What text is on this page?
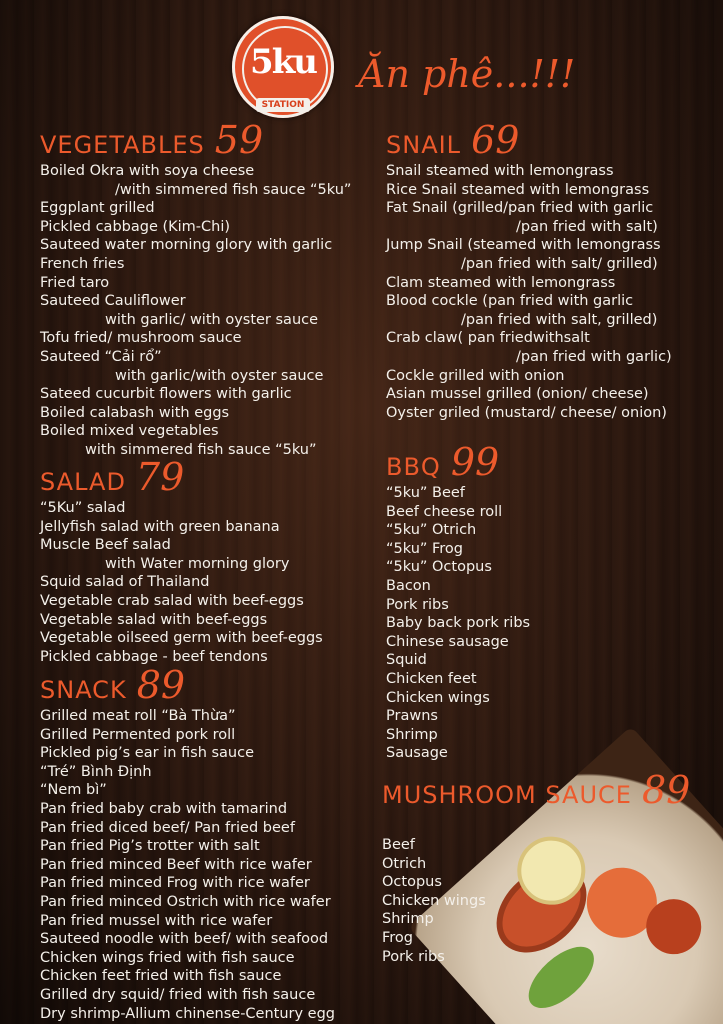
5ku
STATION
Ăn phê...!!!
VEGETABLES 59
Boiled Okra with soya cheese
/with simmered fish sauce “5ku”
Eggplant grilled
Pickled cabbage (Kim-Chi)
Sauteed water morning glory with garlic
French fries
Fried taro
Sauteed Cauliflower
with garlic/ with oyster sauce
Tofu fried/ mushroom sauce
Sauteed “Cải rổ”
with garlic/with oyster sauce
Sateed cucurbit flowers with garlic
Boiled calabash with eggs
Boiled mixed vegetables
with simmered fish sauce “5ku”
SALAD 79
“5Ku” salad
Jellyfish salad with green banana
Muscle Beef salad
with Water morning glory
Squid salad of Thailand
Vegetable crab salad with beef-eggs
Vegetable salad with beef-eggs
Vegetable oilseed germ with beef-eggs
Pickled cabbage - beef tendons
SNACK 89
Grilled meat roll “Bà Thừa”
Grilled Permented pork roll
Pickled pig’s ear in fish sauce
“Tré” Bình Định
“Nem bì”
Pan fried baby crab with tamarind
Pan fried diced beef/ Pan fried beef
Pan fried Pig’s trotter with salt
Pan fried minced Beef with rice wafer
Pan fried minced Frog with rice wafer
Pan fried minced Ostrich with rice wafer
Pan fried mussel with rice wafer
Sauteed noodle with beef/ with seafood
Chicken wings fried with fish sauce
Chicken feet fried with fish sauce
Grilled dry squid/ fried with fish sauce
Dry shrimp-Allium chinense-Century egg
SNAIL 69
Snail steamed with lemongrass
Rice Snail steamed with lemongrass
Fat Snail (grilled/pan fried with garlic
/pan fried with salt)
Jump Snail (steamed with lemongrass
/pan fried with salt/ grilled)
Clam steamed with lemongrass
Blood cockle (pan fried with garlic
/pan fried with salt, grilled)
Crab claw( pan friedwithsalt
/pan fried with garlic)
Cockle grilled with onion
Asian mussel grilled (onion/ cheese)
Oyster griled (mustard/ cheese/ onion)
BBQ 99
“5ku” Beef
Beef cheese roll
“5ku” Otrich
“5ku” Frog
“5ku” Octopus
Bacon
Pork ribs
Baby back pork ribs
Chinese sausage
Squid
Chicken feet
Chicken wings
Prawns
Shrimp
Sausage
MUSHROOM SAUCE 89
Beef
Otrich
Octopus
Chicken wings
Shrimp
Frog
Pork ribs
